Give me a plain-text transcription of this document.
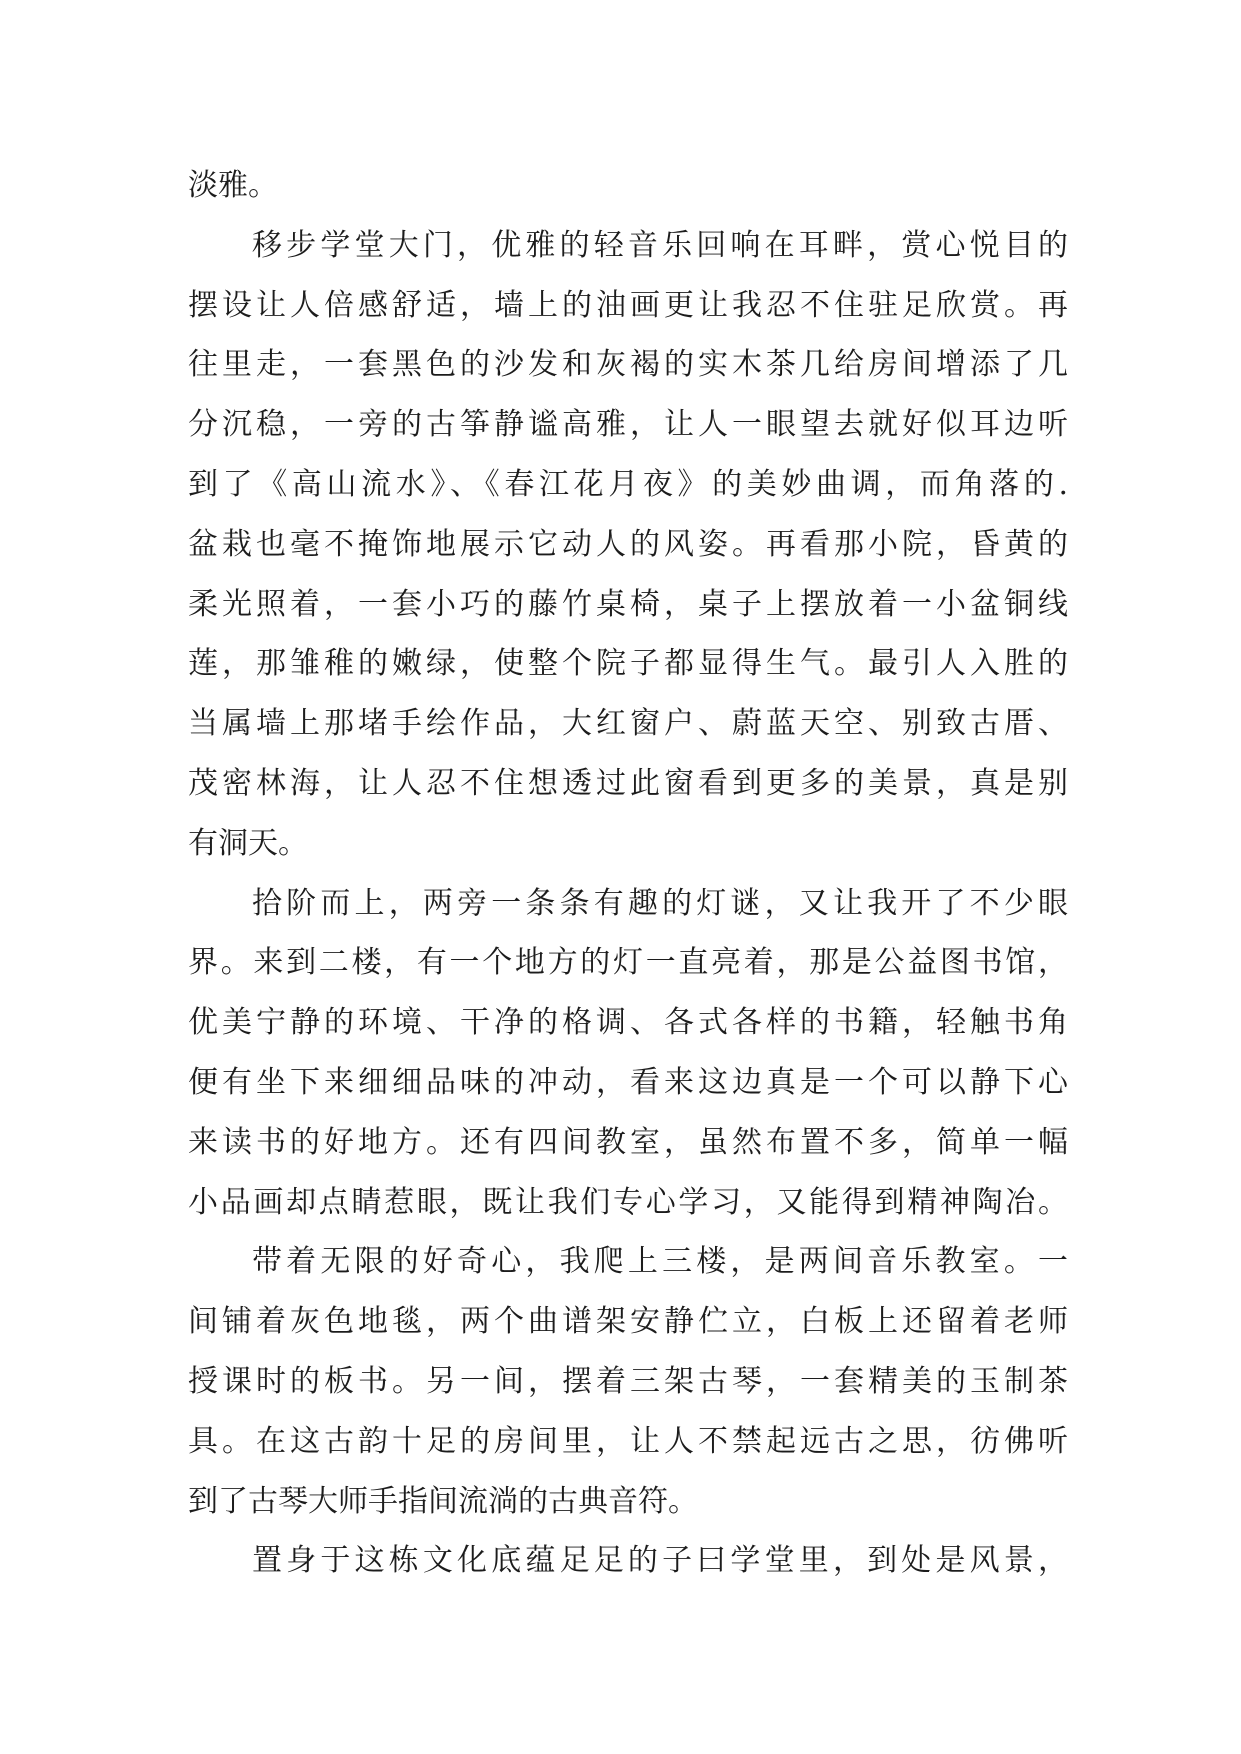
淡雅。
移步学堂大门，优雅的轻音乐回响在耳畔，赏心悦目的
摆设让人倍感舒适，墙上的油画更让我忍不住驻足欣赏。再
往里走，一套黑色的沙发和灰褐的实木茶几给房间增添了几
分沉稳，一旁的古筝静谧高雅，让人一眼望去就好似耳边听
到了《高山流水》、《春江花月夜》的美妙曲调，而角落的.
盆栽也毫不掩饰地展示它动人的风姿。再看那小院，昏黄的
柔光照着，一套小巧的藤竹桌椅，桌子上摆放着一小盆铜线
莲，那雏稚的嫩绿，使整个院子都显得生气。最引人入胜的
当属墙上那堵手绘作品，大红窗户、蔚蓝天空、别致古厝、
茂密林海，让人忍不住想透过此窗看到更多的美景，真是别
有洞天。
拾阶而上，两旁一条条有趣的灯谜，又让我开了不少眼
界。来到二楼，有一个地方的灯一直亮着，那是公益图书馆，
优美宁静的环境、干净的格调、各式各样的书籍，轻触书角
便有坐下来细细品味的冲动，看来这边真是一个可以静下心
来读书的好地方。还有四间教室，虽然布置不多，简单一幅
小品画却点睛惹眼，既让我们专心学习，又能得到精神陶冶。
带着无限的好奇心，我爬上三楼，是两间音乐教室。一
间铺着灰色地毯，两个曲谱架安静伫立，白板上还留着老师
授课时的板书。另一间，摆着三架古琴，一套精美的玉制茶
具。在这古韵十足的房间里，让人不禁起远古之思，彷佛听
到了古琴大师手指间流淌的古典音符。
置身于这栋文化底蕴足足的子曰学堂里，到处是风景，
